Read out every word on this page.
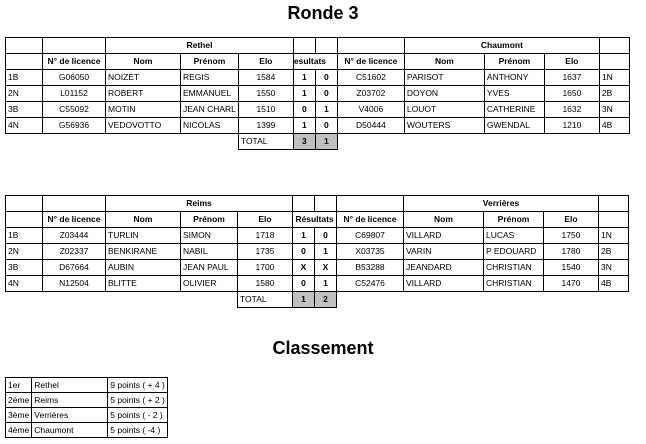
Ronde 3
		Rethel						Chaumont			
	N° de licence	Nom	Prénom	Elo	esultats		N° de licence	Nom	Prénom	Elo	
1B	G06050	NOIZET	REGIS	1584	1	0	C51602	PARISOT	ANTHONY	1637	1N
2N	L01152	ROBERT	EMMANUEL	1550	1	0	Z03702	DOYON	YVES	1650	2B
3B	C55092	MOTIN	JEAN CHARL	1510	0	1	V4006	LOUOT	CATHERINE	1632	3N
4N	G56936	VEDOVOTTO	NICOLAS	1399	1	0	D50444	WOUTERS	GWENDAL	1210	4B
				TOTAL	3	1					
		Reims						Verrières			
	N° de licence	Nom	Prénom	Elo	Résultats		N° de licence	Nom	Prénom	Elo	
1B	Z03444	TURLIN	SIMON	1718	1	0	C69807	VILLARD	LUCAS	1750	1N
2N	Z02337	BENKIRANE	NABIL	1735	0	1	X03735	VARIN	P EDOUARD	1780	2B
3B	D67664	AUBIN	JEAN PAUL	1700	X	X	B53288	JEANDARD	CHRISTIAN	1540	3N
4N	N12504	BLITTE	OLIVIER	1580	0	1	C52476	VILLARD	CHRISTIAN	1470	4B
				TOTAL	1	2					
Classement
1er	Rethel	9 points ( + 4 )
2ème	Reims	5 points ( + 2 )
3ème	Verrières	5 points ( - 2 )
4ème	Chaumont	5 points ( -4 )
